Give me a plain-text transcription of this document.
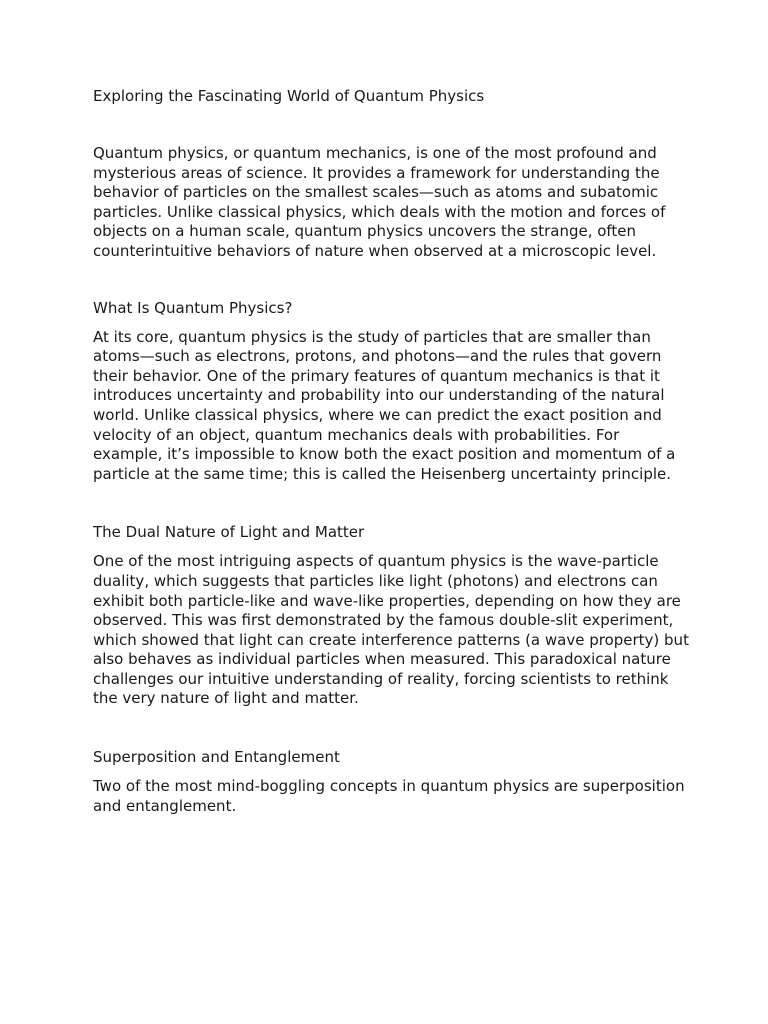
Exploring the Fascinating World of Quantum Physics

Quantum physics, or quantum mechanics, is one of the most profound and mysterious areas of science. It provides a framework for understanding the behavior of particles on the smallest scales—such as atoms and subatomic particles. Unlike classical physics, which deals with the motion and forces of objects on a human scale, quantum physics uncovers the strange, often counterintuitive behaviors of nature when observed at a microscopic level.

What Is Quantum Physics?

At its core, quantum physics is the study of particles that are smaller than atoms—such as electrons, protons, and photons—and the rules that govern their behavior. One of the primary features of quantum mechanics is that it introduces uncertainty and probability into our understanding of the natural world. Unlike classical physics, where we can predict the exact position and velocity of an object, quantum mechanics deals with probabilities. For example, it’s impossible to know both the exact position and momentum of a particle at the same time; this is called the Heisenberg uncertainty principle.

The Dual Nature of Light and Matter

One of the most intriguing aspects of quantum physics is the wave-particle duality, which suggests that particles like light (photons) and electrons can exhibit both particle-like and wave-like properties, depending on how they are observed. This was first demonstrated by the famous double-slit experiment, which showed that light can create interference patterns (a wave property) but also behaves as individual particles when measured. This paradoxical nature challenges our intuitive understanding of reality, forcing scientists to rethink the very nature of light and matter.

Superposition and Entanglement

Two of the most mind-boggling concepts in quantum physics are superposition and entanglement.
